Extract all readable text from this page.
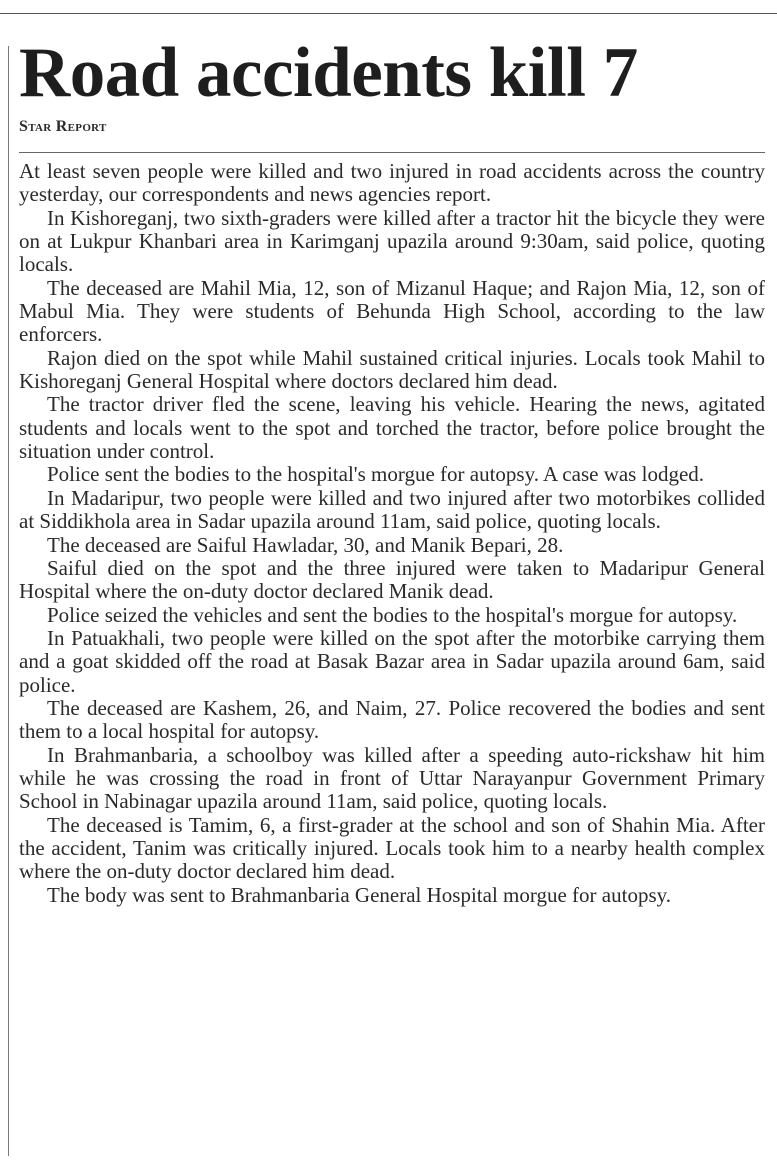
Road accidents kill 7
Star Report

At least seven people were killed and two injured in road accidents across the country yesterday, our correspondents and news agencies report.

In Kishoreganj, two sixth-graders were killed after a tractor hit the bicycle they were on at Lukpur Khanbari area in Karimganj upazila around 9:30am, said police, quoting locals.

The deceased are Mahil Mia, 12, son of Mizanul Haque; and Rajon Mia, 12, son of Mabul Mia. They were students of Behunda High School, according to the law enforcers.

Rajon died on the spot while Mahil sustained critical injuries. Locals took Mahil to Kishoreganj General Hospital where doctors declared him dead.

The tractor driver fled the scene, leaving his vehicle. Hearing the news, agitated students and locals went to the spot and torched the tractor, before police brought the situation under control.

Police sent the bodies to the hospital's morgue for autopsy. A case was lodged.

In Madaripur, two people were killed and two injured after two motorbikes collided at Siddikhola area in Sadar upazila around 11am, said police, quoting locals.

The deceased are Saiful Hawladar, 30, and Manik Bepari, 28.

Saiful died on the spot and the three injured were taken to Madaripur General Hospital where the on-duty doctor declared Manik dead.

Police seized the vehicles and sent the bodies to the hospital's morgue for autopsy.

In Patuakhali, two people were killed on the spot after the motorbike carrying them and a goat skidded off the road at Basak Bazar area in Sadar upazila around 6am, said police.

The deceased are Kashem, 26, and Naim, 27. Police recovered the bodies and sent them to a local hospital for autopsy.

In Brahmanbaria, a schoolboy was killed after a speeding auto-rickshaw hit him while he was crossing the road in front of Uttar Narayanpur Government Primary School in Nabinagar upazila around 11am, said police, quoting locals.

The deceased is Tamim, 6, a first-grader at the school and son of Shahin Mia. After the accident, Tanim was critically injured. Locals took him to a nearby health complex where the on-duty doctor declared him dead.

The body was sent to Brahmanbaria General Hospital morgue for autopsy.
